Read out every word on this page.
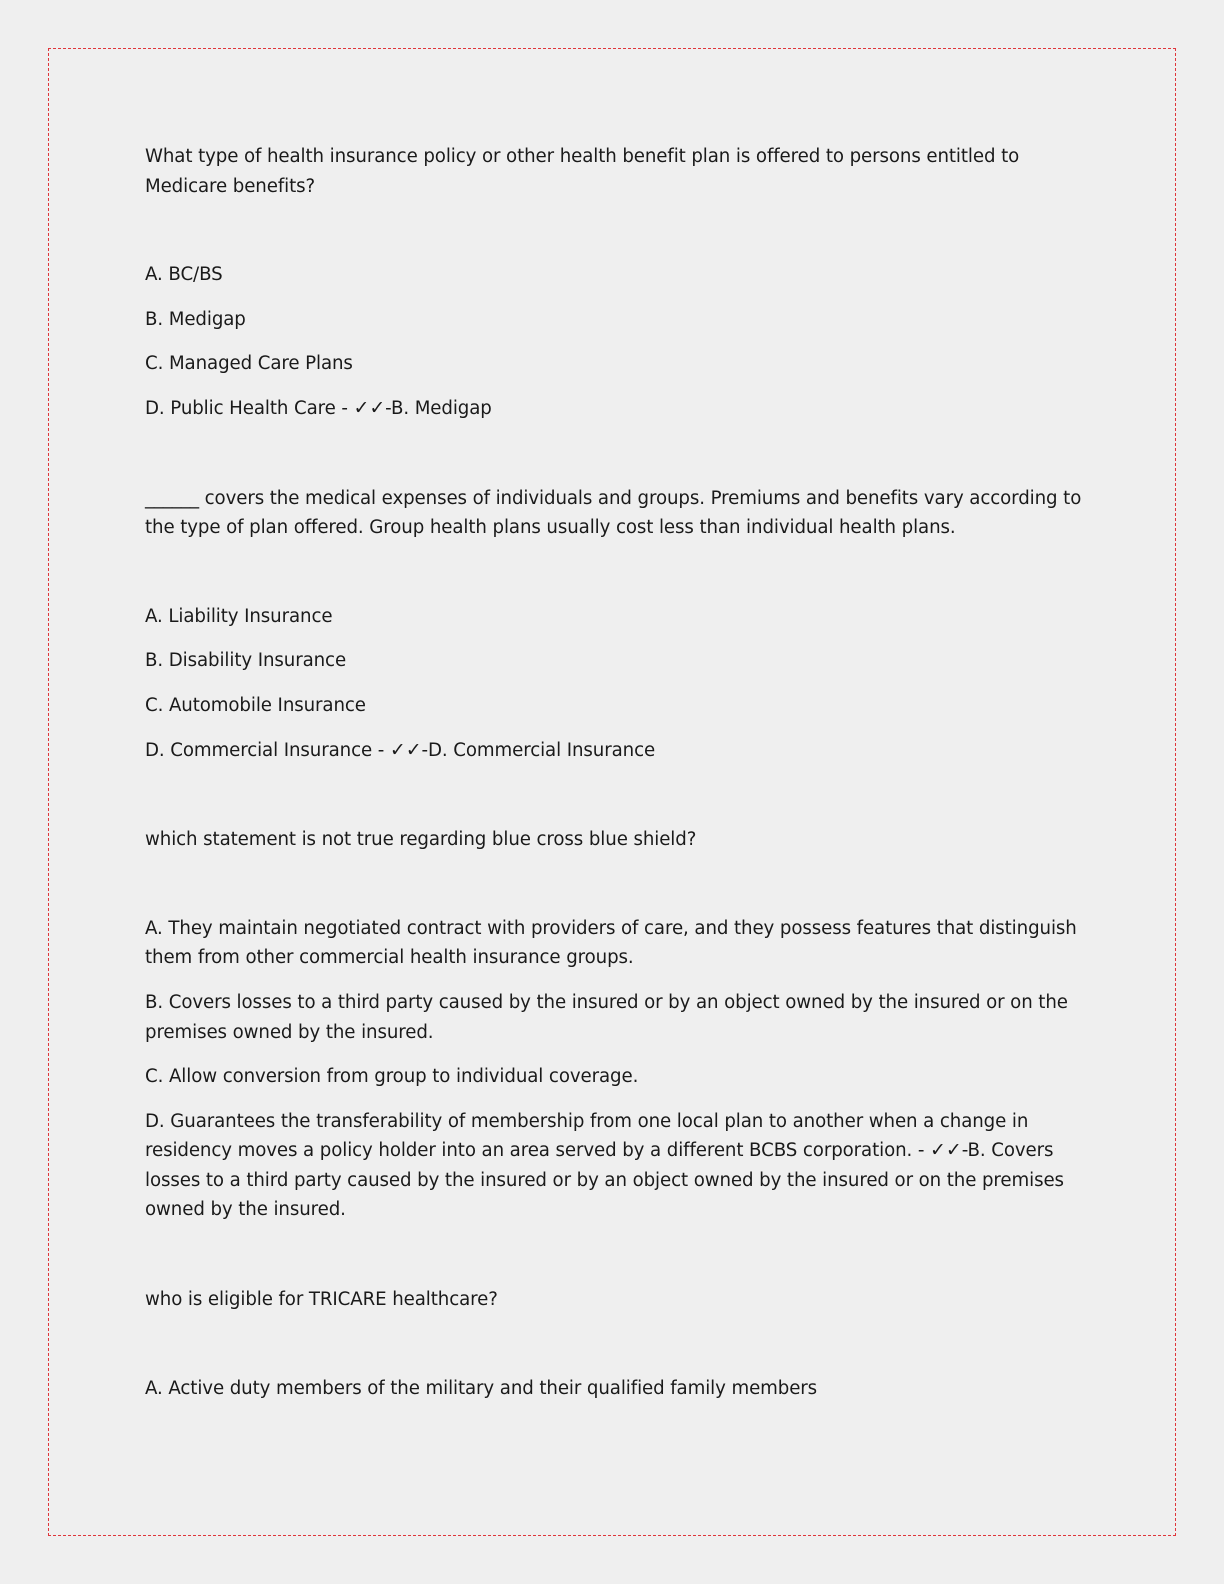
What type of health insurance policy or other health benefit plan is offered to persons entitled to Medicare benefits?
A. BC/BS
B. Medigap
C. Managed Care Plans
D. Public Health Care - ✓✓-B. Medigap
______ covers the medical expenses of individuals and groups. Premiums and benefits vary according to the type of plan offered. Group health plans usually cost less than individual health plans.
A. Liability Insurance
B. Disability Insurance
C. Automobile Insurance
D. Commercial Insurance - ✓✓-D. Commercial Insurance
which statement is not true regarding blue cross blue shield?
A. They maintain negotiated contract with providers of care, and they possess features that distinguish them from other commercial health insurance groups.
B. Covers losses to a third party caused by the insured or by an object owned by the insured or on the premises owned by the insured.
C. Allow conversion from group to individual coverage.
D. Guarantees the transferability of membership from one local plan to another when a change in residency moves a policy holder into an area served by a different BCBS corporation. - ✓✓-B. Covers losses to a third party caused by the insured or by an object owned by the insured or on the premises owned by the insured.
who is eligible for TRICARE healthcare?
A. Active duty members of the military and their qualified family members
